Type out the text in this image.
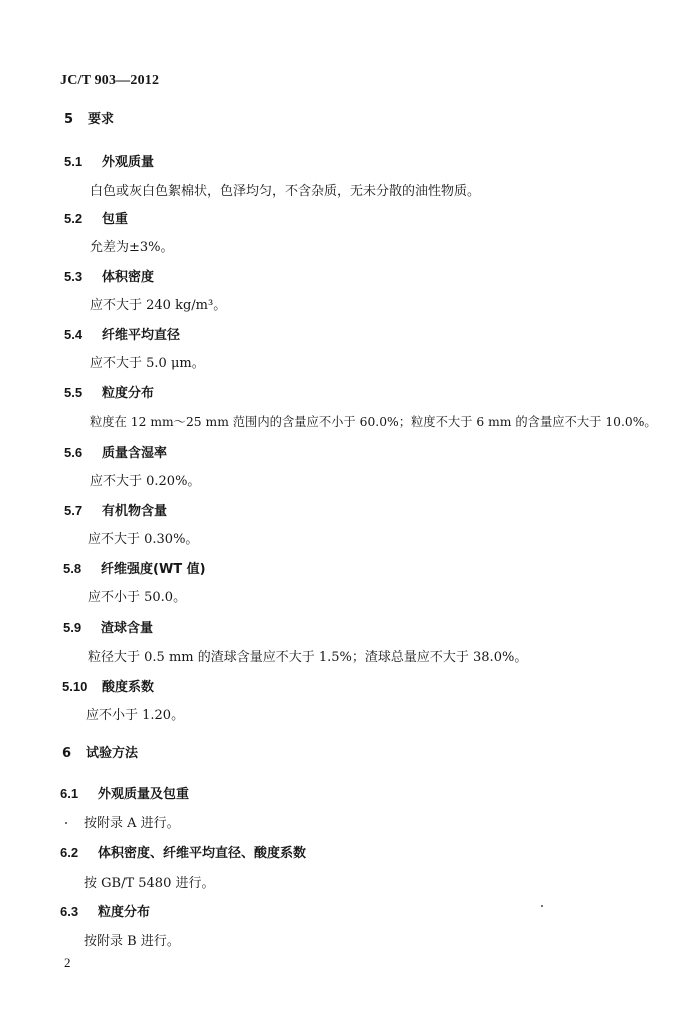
JC/T 903—2012
5 要求
5.1 外观质量
白色或灰白色絮棉状，色泽均匀，不含杂质，无未分散的油性物质。
5.2 包重
允差为±3%。
5.3 体积密度
应不大于 240 kg/m³。
5.4 纤维平均直径
应不大于 5.0 μm。
5.5 粒度分布
粒度在 12 mm～25 mm 范围内的含量应不小于 60.0%；粒度不大于 6 mm 的含量应不大于 10.0%。
5.6 质量含湿率
应不大于 0.20%。
5.7 有机物含量
应不大于 0.30%。
5.8 纤维强度(WT 值)
应不小于 50.0。
5.9 渣球含量
粒径大于 0.5 mm 的渣球含量应不大于 1.5%；渣球总量应不大于 38.0%。
5.10 酸度系数
应不小于 1.20。
6 试验方法
6.1 外观质量及包重
按附录 A 进行。
6.2 体积密度、纤维平均直径、酸度系数
按 GB/T 5480 进行。
6.3 粒度分布
按附录 B 进行。
2
